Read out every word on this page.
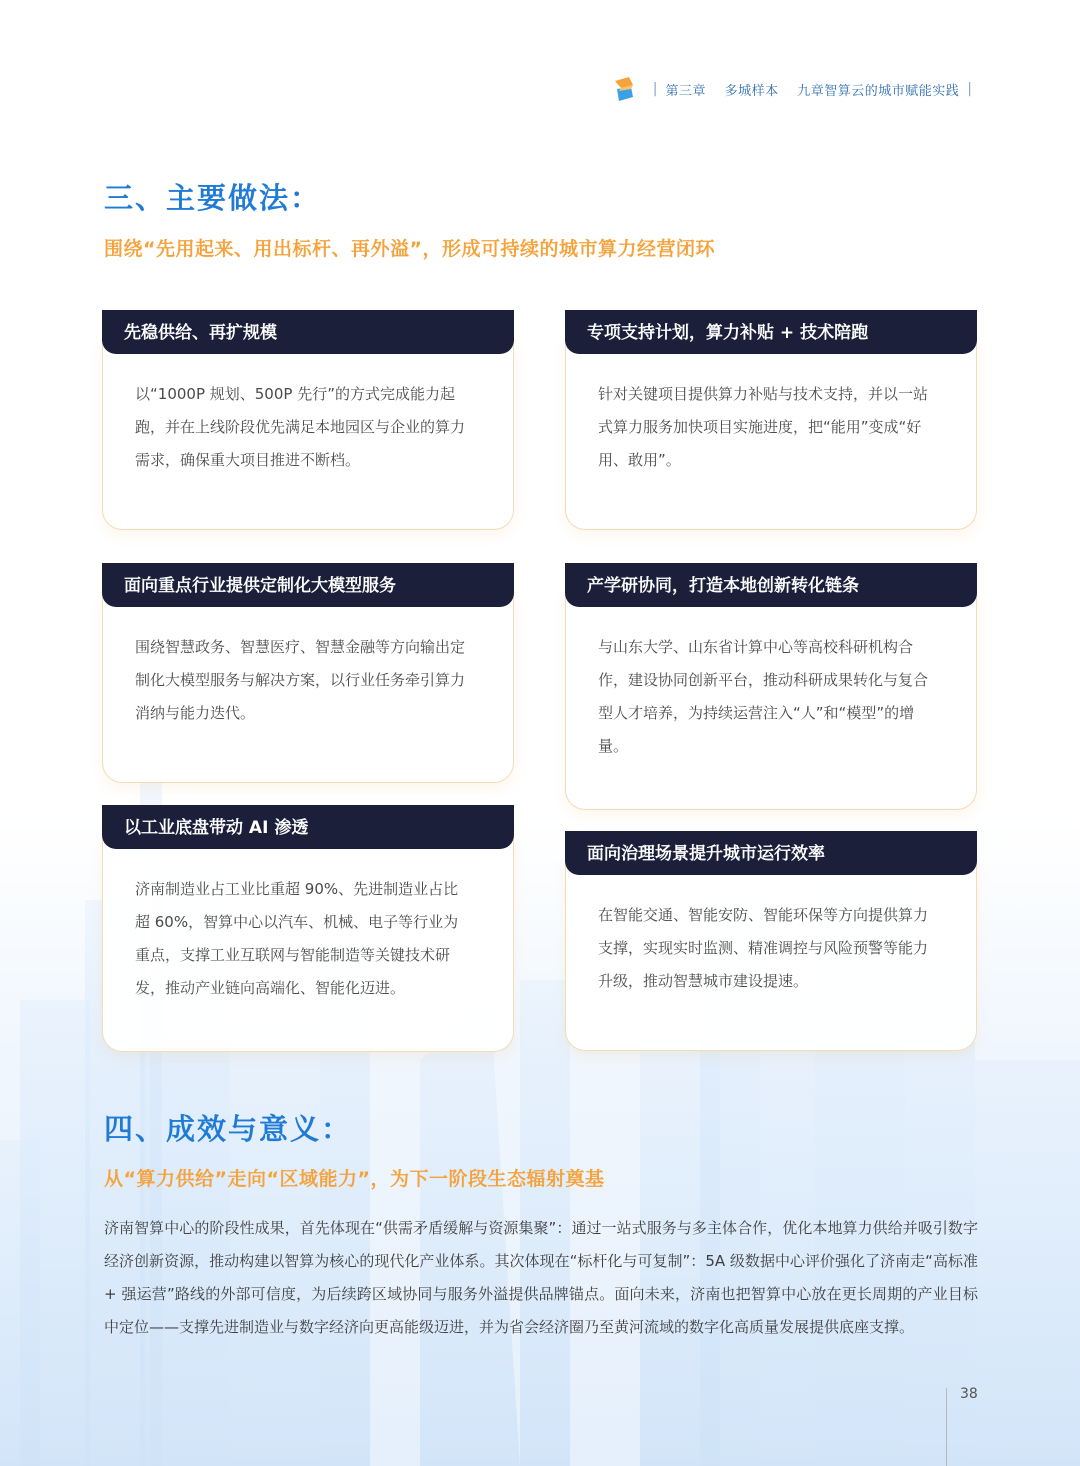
| 第三章 多城样本 九章智算云的城市赋能实践 |
三、主要做法：
围绕“先用起来、用出标杆、再外溢”，形成可持续的城市算力经营闭环
先稳供给、再扩规模
以“1000P 规划、500P 先行”的方式完成能力起跑，并在上线阶段优先满足本地园区与企业的算力需求，确保重大项目推进不断档。
专项支持计划，算力补贴 + 技术陪跑
针对关键项目提供算力补贴与技术支持，并以一站式算力服务加快项目实施进度，把“能用”变成“好用、敢用”。
面向重点行业提供定制化大模型服务
围绕智慧政务、智慧医疗、智慧金融等方向输出定制化大模型服务与解决方案，以行业任务牵引算力消纳与能力迭代。
产学研协同，打造本地创新转化链条
与山东大学、山东省计算中心等高校科研机构合作，建设协同创新平台，推动科研成果转化与复合型人才培养，为持续运营注入“人”和“模型”的增量。
以工业底盘带动 AI 渗透
济南制造业占工业比重超 90%、先进制造业占比超 60%，智算中心以汽车、机械、电子等行业为重点，支撑工业互联网与智能制造等关键技术研发，推动产业链向高端化、智能化迈进。
面向治理场景提升城市运行效率
在智能交通、智能安防、智能环保等方向提供算力支撑，实现实时监测、精准调控与风险预警等能力升级，推动智慧城市建设提速。
四、成效与意义：
从“算力供给”走向“区域能力”，为下一阶段生态辐射奠基

济南智算中心的阶段性成果，首先体现在“供需矛盾缓解与资源集聚”：通过一站式服务与多主体合作，优化本地算力供给并吸引数字经济创新资源，推动构建以智算为核心的现代化产业体系。其次体现在“标杆化与可复制”：5A 级数据中心评价强化了济南走“高标准 + 强运营”路线的外部可信度，为后续跨区域协同与服务外溢提供品牌锚点。面向未来，济南也把智算中心放在更长周期的产业目标中定位——支撑先进制造业与数字经济向更高能级迈进，并为省会经济圈乃至黄河流域的数字化高质量发展提供底座支撑。

38
